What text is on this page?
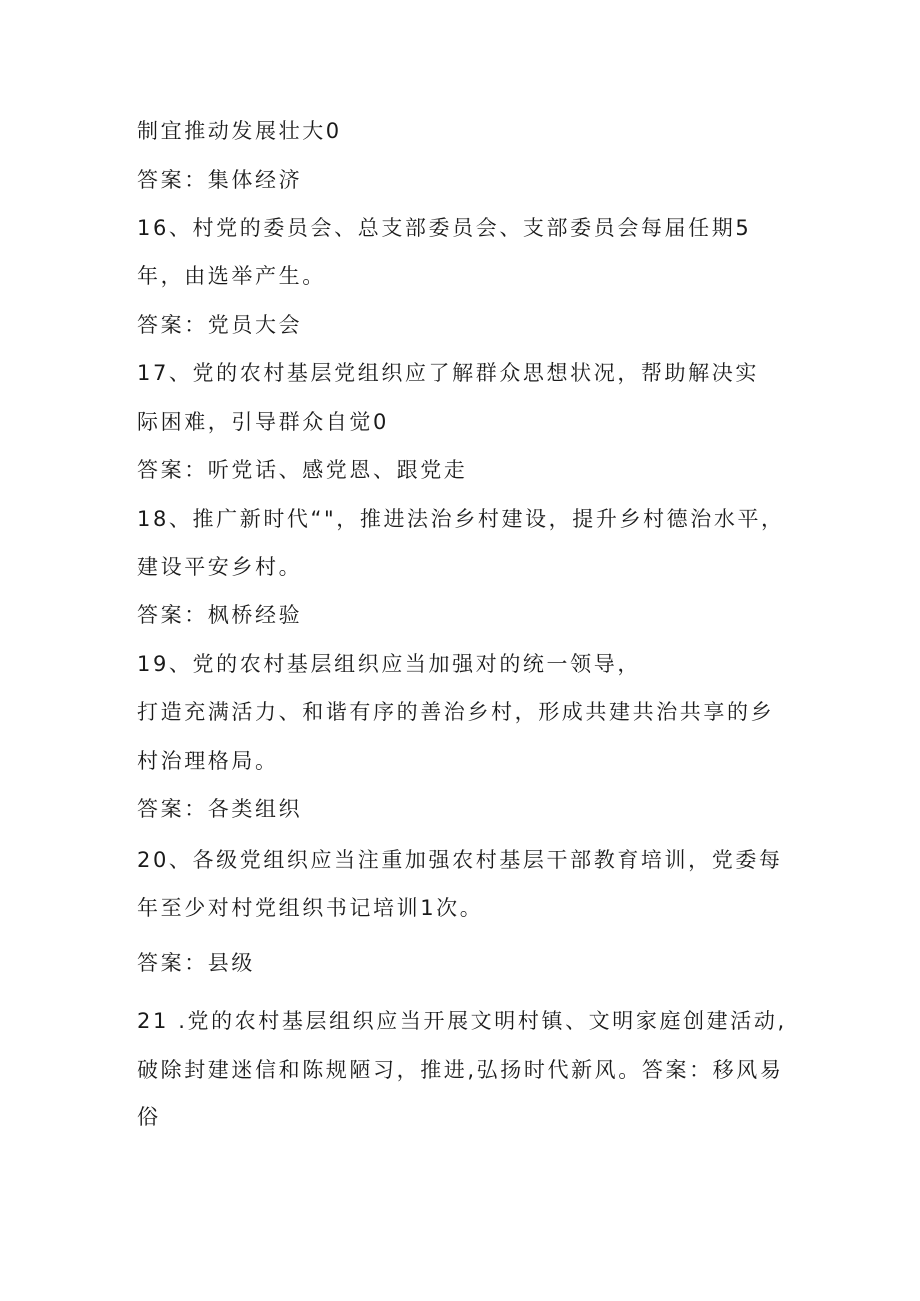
制宜推动发展壮大0
答案：集体经济
16、村党的委员会、总支部委员会、支部委员会每届任期5
年，由选举产生。
答案：党员大会
17、党的农村基层党组织应了解群众思想状况，帮助解决实
际困难，引导群众自觉0
答案：听党话、感党恩、跟党走
18、推广新时代“"，推进法治乡村建设，提升乡村德治水平，
建设平安乡村。
答案：枫桥经验
19、党的农村基层组织应当加强对的统一领导，
打造充满活力、和谐有序的善治乡村，形成共建共治共享的乡
村治理格局。
答案：各类组织
20、各级党组织应当注重加强农村基层干部教育培训，党委每
年至少对村党组织书记培训1次。
答案：县级
21 .党的农村基层组织应当开展文明村镇、文明家庭创建活动,
破除封建迷信和陈规陋习，推进,弘扬时代新风。答案：移风易
俗
